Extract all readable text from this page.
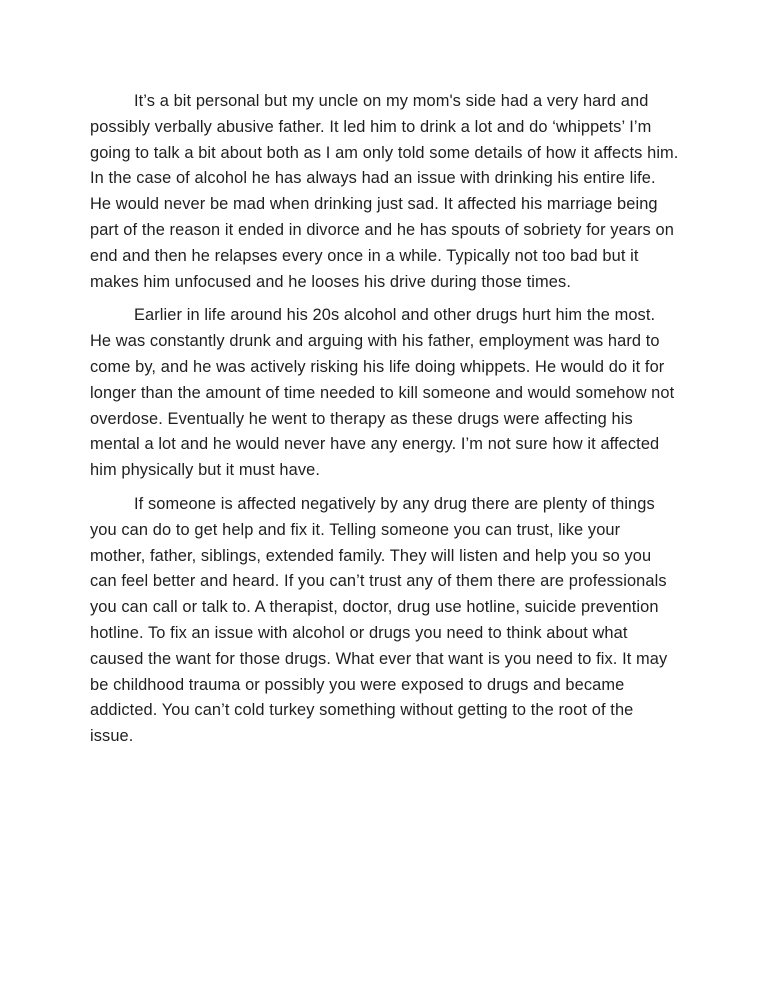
It’s a bit personal but my uncle on my mom's side had a very hard and possibly verbally abusive father. It led him to drink a lot and do ‘whippets’ I’m going to talk a bit about both as I am only told some details of how it affects him. In the case of alcohol he has always had an issue with drinking his entire life. He would never be mad when drinking just sad. It affected his marriage being part of the reason it ended in divorce and he has spouts of sobriety for years on end and then he relapses every once in a while. Typically not too bad but it makes him unfocused and he looses his drive during those times.

Earlier in life around his 20s alcohol and other drugs hurt him the most. He was constantly drunk and arguing with his father, employment was hard to come by, and he was actively risking his life doing whippets. He would do it for longer than the amount of time needed to kill someone and would somehow not overdose. Eventually he went to therapy as these drugs were affecting his mental a lot and he would never have any energy. I’m not sure how it affected him physically but it must have.

If someone is affected negatively by any drug there are plenty of things you can do to get help and fix it. Telling someone you can trust, like your mother, father, siblings, extended family. They will listen and help you so you can feel better and heard. If you can’t trust any of them there are professionals you can call or talk to. A therapist, doctor, drug use hotline, suicide prevention hotline. To fix an issue with alcohol or drugs you need to think about what caused the want for those drugs. What ever that want is you need to fix. It may be childhood trauma or possibly you were exposed to drugs and became addicted. You can’t cold turkey something without getting to the root of the issue.
